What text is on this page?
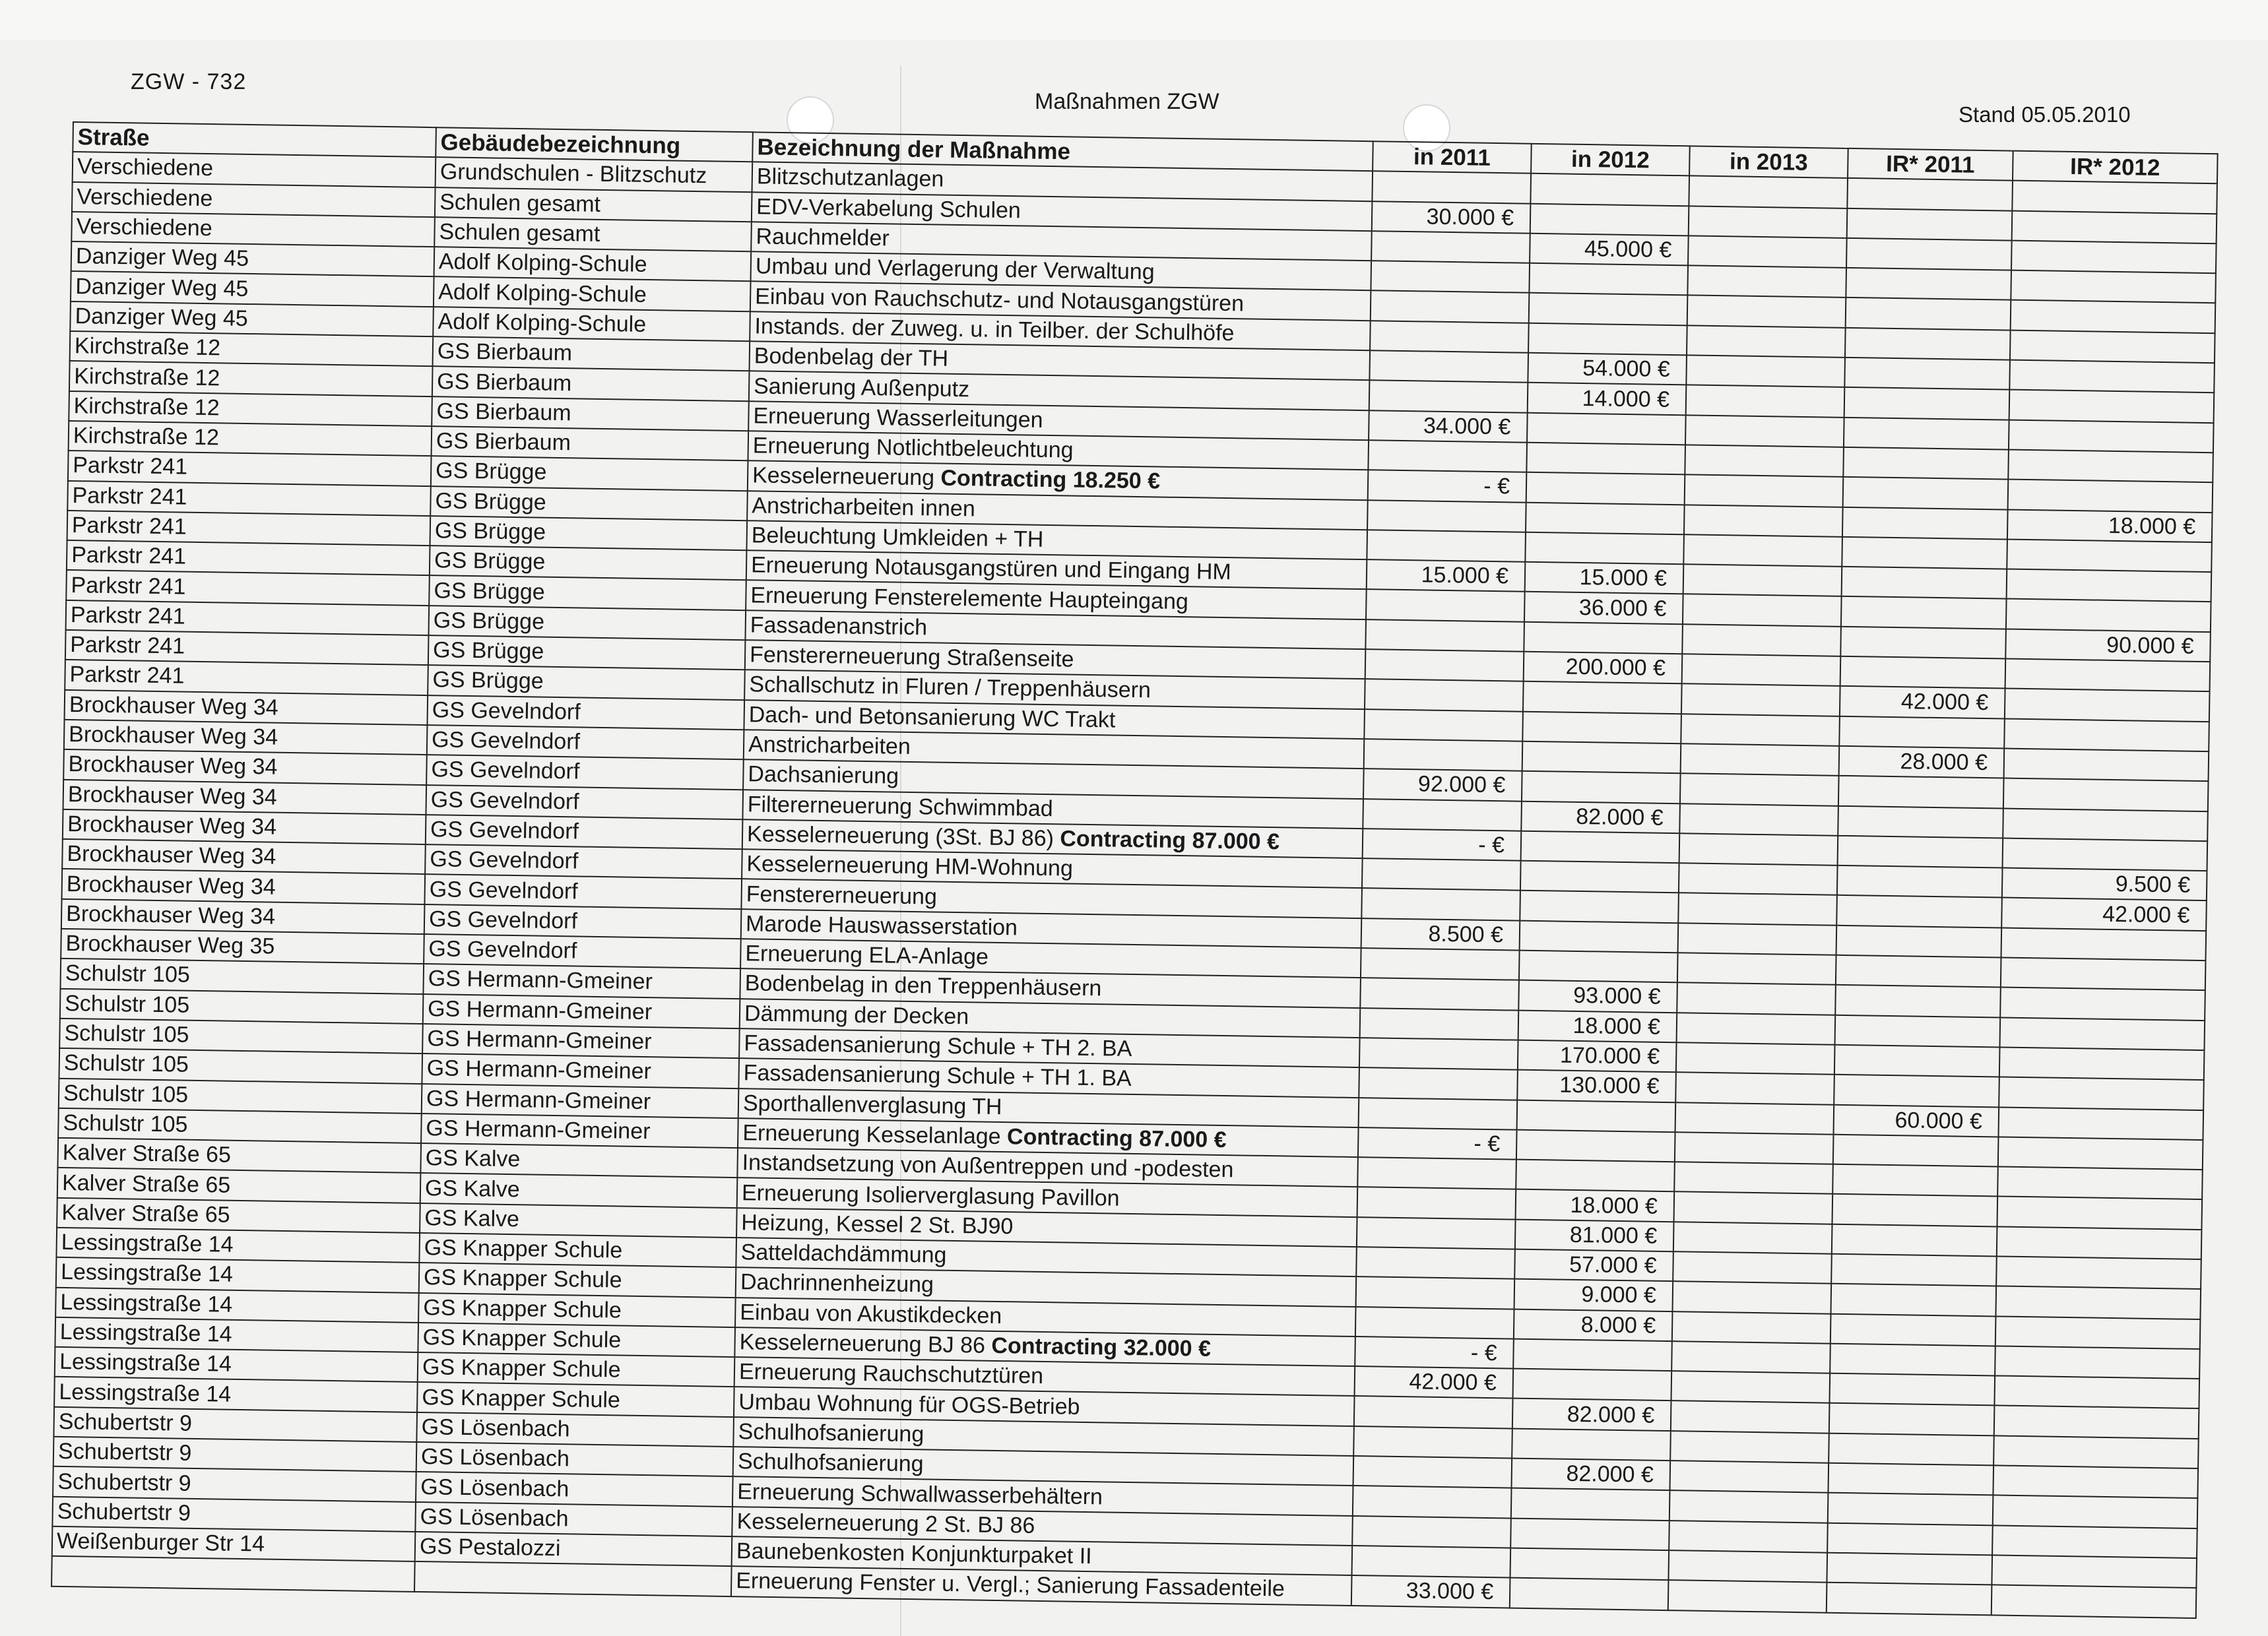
ZGW - 732
Maßnahmen ZGW
Stand 05.05.2010
Straße	Gebäudebezeichnung	Bezeichnung der Maßnahme	in 2011	in 2012	in 2013	IR* 2011	IR* 2012
Verschiedene	Grundschulen - Blitzschutz	Blitzschutzanlagen					
Verschiedene	Schulen gesamt	EDV-Verkabelung Schulen	30.000 €				
Verschiedene	Schulen gesamt	Rauchmelder		45.000 €			
Danziger Weg 45	Adolf Kolping-Schule	Umbau und Verlagerung der Verwaltung					
Danziger Weg 45	Adolf Kolping-Schule	Einbau von Rauchschutz- und Notausgangstüren					
Danziger Weg 45	Adolf Kolping-Schule	Instands. der Zuweg. u. in Teilber. der Schulhöfe					
Kirchstraße 12	GS Bierbaum	Bodenbelag der TH		54.000 €			
Kirchstraße 12	GS Bierbaum	Sanierung Außenputz		14.000 €			
Kirchstraße 12	GS Bierbaum	Erneuerung Wasserleitungen	34.000 €				
Kirchstraße 12	GS Bierbaum	Erneuerung Notlichtbeleuchtung					
Parkstr 241	GS Brügge	Kesselerneuerung Contracting 18.250 €	- €				
Parkstr 241	GS Brügge	Anstricharbeiten innen					18.000 €
Parkstr 241	GS Brügge	Beleuchtung Umkleiden + TH					
Parkstr 241	GS Brügge	Erneuerung Notausgangstüren und Eingang HM	15.000 €	15.000 €			
Parkstr 241	GS Brügge	Erneuerung Fensterelemente Haupteingang		36.000 €			
Parkstr 241	GS Brügge	Fassadenanstrich					90.000 €
Parkstr 241	GS Brügge	Fenstererneuerung Straßenseite		200.000 €			
Parkstr 241	GS Brügge	Schallschutz in Fluren / Treppenhäusern				42.000 €	
Brockhauser Weg 34	GS Gevelndorf	Dach- und Betonsanierung WC Trakt					
Brockhauser Weg 34	GS Gevelndorf	Anstricharbeiten				28.000 €	
Brockhauser Weg 34	GS Gevelndorf	Dachsanierung	92.000 €				
Brockhauser Weg 34	GS Gevelndorf	Filtererneuerung Schwimmbad		82.000 €			
Brockhauser Weg 34	GS Gevelndorf	Kesselerneuerung (3St. BJ 86) Contracting 87.000 €	- €				
Brockhauser Weg 34	GS Gevelndorf	Kesselerneuerung HM-Wohnung					9.500 €
Brockhauser Weg 34	GS Gevelndorf	Fenstererneuerung					42.000 €
Brockhauser Weg 34	GS Gevelndorf	Marode Hauswasserstation	8.500 €				
Brockhauser Weg 35	GS Gevelndorf	Erneuerung ELA-Anlage					
Schulstr 105	GS Hermann-Gmeiner	Bodenbelag in den Treppenhäusern		93.000 €			
Schulstr 105	GS Hermann-Gmeiner	Dämmung der Decken		18.000 €			
Schulstr 105	GS Hermann-Gmeiner	Fassadensanierung Schule + TH 2. BA		170.000 €			
Schulstr 105	GS Hermann-Gmeiner	Fassadensanierung Schule + TH 1. BA		130.000 €			
Schulstr 105	GS Hermann-Gmeiner	Sporthallenverglasung TH				60.000 €	
Schulstr 105	GS Hermann-Gmeiner	Erneuerung Kesselanlage Contracting 87.000 €	- €				
Kalver Straße 65	GS Kalve	Instandsetzung von Außentreppen und -podesten					
Kalver Straße 65	GS Kalve	Erneuerung Isolierverglasung Pavillon		18.000 €			
Kalver Straße 65	GS Kalve	Heizung, Kessel 2 St. BJ90		81.000 €			
Lessingstraße 14	GS Knapper Schule	Satteldachdämmung		57.000 €			
Lessingstraße 14	GS Knapper Schule	Dachrinnenheizung		9.000 €			
Lessingstraße 14	GS Knapper Schule	Einbau von Akustikdecken		8.000 €			
Lessingstraße 14	GS Knapper Schule	Kesselerneuerung BJ 86 Contracting 32.000 €	- €				
Lessingstraße 14	GS Knapper Schule	Erneuerung Rauchschutztüren	42.000 €				
Lessingstraße 14	GS Knapper Schule	Umbau Wohnung für OGS-Betrieb		82.000 €			
Schubertstr 9	GS Lösenbach	Schulhofsanierung					
Schubertstr 9	GS Lösenbach	Schulhofsanierung		82.000 €			
Schubertstr 9	GS Lösenbach	Erneuerung Schwallwasserbehältern					
Schubertstr 9	GS Lösenbach	Kesselerneuerung 2 St. BJ 86					
Weißenburger Str 14	GS Pestalozzi	Baunebenkosten Konjunkturpaket II					
		Erneuerung Fenster u. Vergl.; Sanierung Fassadenteile	33.000 €				
